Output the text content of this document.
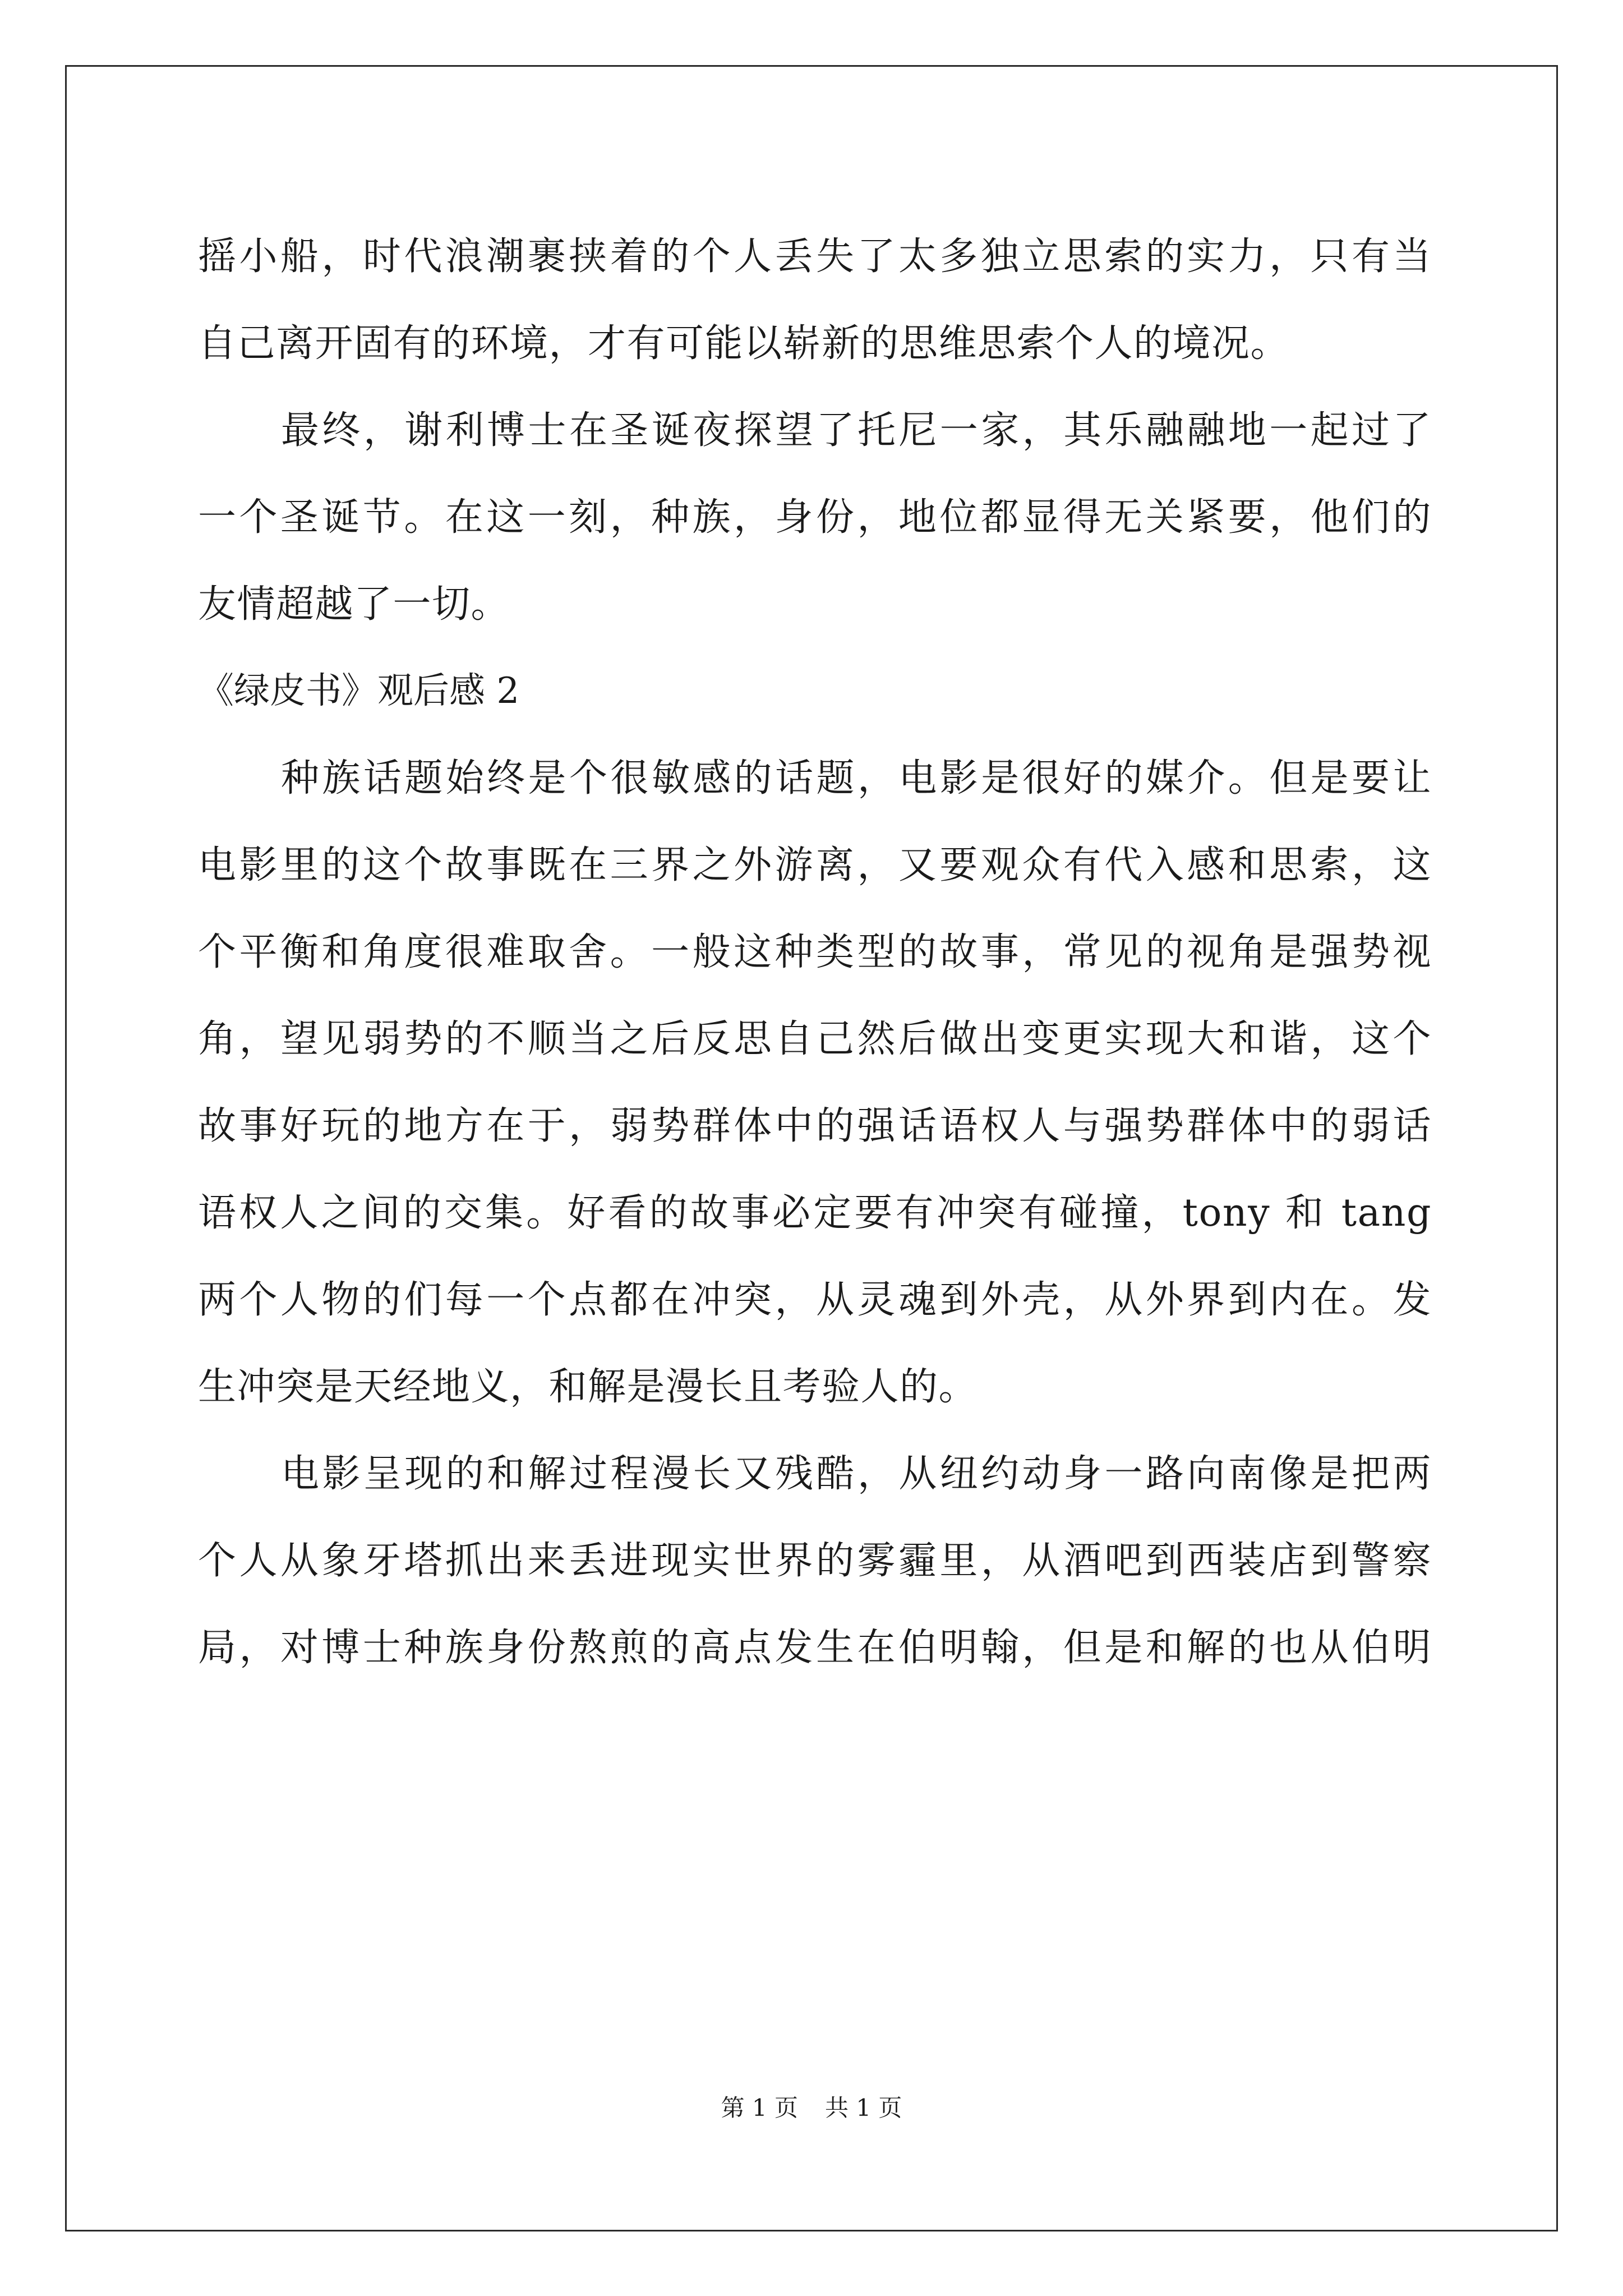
摇小船，时代浪潮裹挟着的个人丢失了太多独立思索的实力，只有当
自己离开固有的环境，才有可能以崭新的思维思索个人的境况。
最终，谢利博士在圣诞夜探望了托尼一家，其乐融融地一起过了
一个圣诞节。在这一刻，种族，身份，地位都显得无关紧要，他们的
友情超越了一切。
《绿皮书》观后感 2
种族话题始终是个很敏感的话题，电影是很好的媒介。但是要让
电影里的这个故事既在三界之外游离，又要观众有代入感和思索，这
个平衡和角度很难取舍。一般这种类型的故事，常见的视角是强势视
角，望见弱势的不顺当之后反思自己然后做出变更实现大和谐，这个
故事好玩的地方在于，弱势群体中的强话语权人与强势群体中的弱话
语权人之间的交集。好看的故事必定要有冲突有碰撞，tony 和 tang
两个人物的们每一个点都在冲突，从灵魂到外壳，从外界到内在。发
生冲突是天经地义，和解是漫长且考验人的。
电影呈现的和解过程漫长又残酷，从纽约动身一路向南像是把两
个人从象牙塔抓出来丢进现实世界的雾霾里，从酒吧到西装店到警察
局，对博士种族身份熬煎的高点发生在伯明翰，但是和解的也从伯明
第 1 页 共 1 页
